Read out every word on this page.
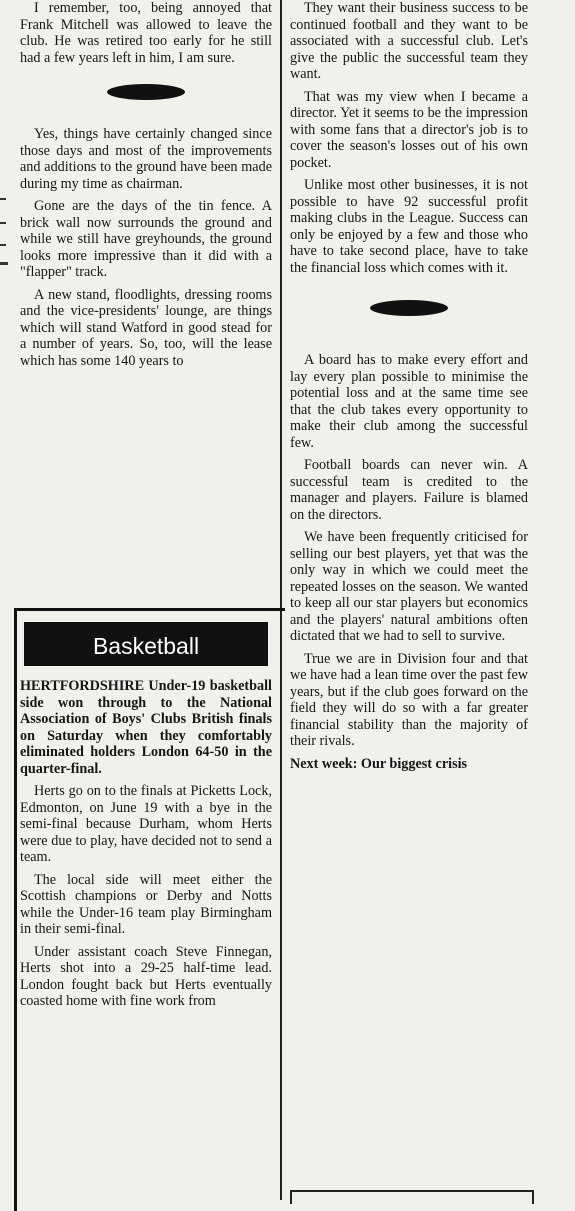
I remember, too, being annoyed that Frank Mitchell was allowed to leave the club. He was retired too early for he still had a few years left in him, I am sure.

Yes, things have certainly changed since those days and most of the improvements and additions to the ground have been made during my time as chairman.

Gone are the days of the tin fence. A brick wall now surrounds the ground and while we still have greyhounds, the ground looks more impressive than it did with a "flapper" track.

A new stand, floodlights, dressing rooms and the vice-presidents' lounge, are things which will stand Watford in good stead for a number of years. So, too, will the lease which has some 140 years to

Basketball

HERTFORDSHIRE Under-19 basketball side won through to the National Association of Boys' Clubs British finals on Saturday when they comfortably eliminated holders London 64-50 in the quarter-final.

Herts go on to the finals at Picketts Lock, Edmonton, on June 19 with a bye in the semi-final because Durham, whom Herts were due to play, have decided not to send a team.

The local side will meet either the Scottish champions or Derby and Notts while the Under-16 team play Birmingham in their semi-final.

Under assistant coach Steve Finnegan, Herts shot into a 29-25 half-time lead. London fought back but Herts eventually coasted home with fine work from

They want their business success to be continued football and they want to be associated with a successful club. Let's give the public the successful team they want.

That was my view when I became a director. Yet it seems to be the impression with some fans that a director's job is to cover the season's losses out of his own pocket.

Unlike most other businesses, it is not possible to have 92 successful profit making clubs in the League. Success can only be enjoyed by a few and those who have to take second place, have to take the financial loss which comes with it.

A board has to make every effort and lay every plan possible to minimise the potential loss and at the same time see that the club takes every opportunity to make their club among the successful few.

Football boards can never win. A successful team is credited to the manager and players. Failure is blamed on the directors.

We have been frequently criticised for selling our best players, yet that was the only way in which we could meet the repeated losses on the season. We wanted to keep all our star players but economics and the players' natural ambitions often dictated that we had to sell to survive.

True we are in Division four and that we have had a lean time over the past few years, but if the club goes forward on the field they will do so with a far greater financial stability than the majority of their rivals.

Next week: Our biggest crisis
